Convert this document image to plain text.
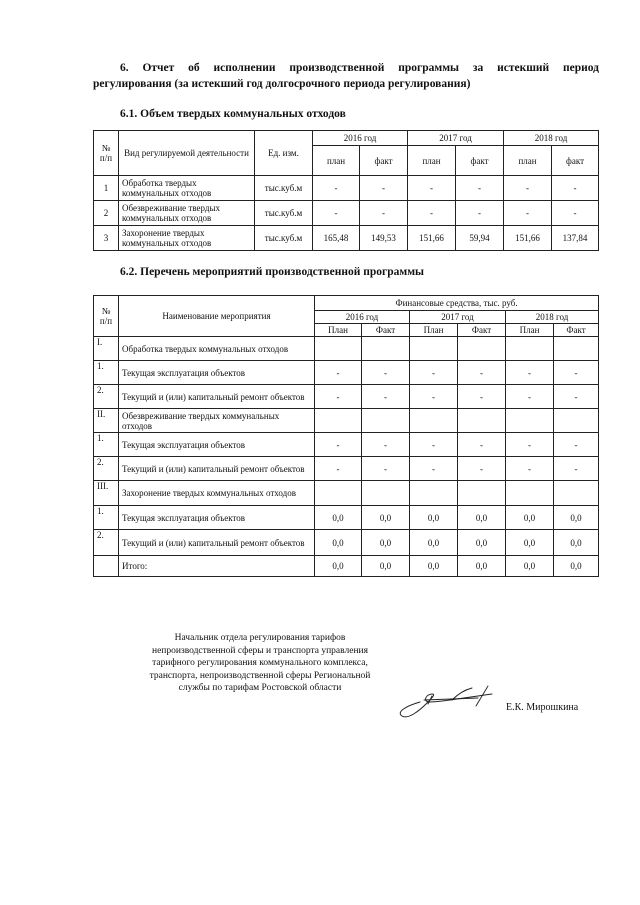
6. Отчет об исполнении производственной программы за истекший период
регулирования (за истекший год долгосрочного периода регулирования)
6.1. Объем твердых коммунальных отходов
№ п/п	Вид регулируемой деятельности	Ед. изм.	2016 год		2017 год		2018 год	
			план	факт	план	факт	план	факт
1	Обработка твердых коммунальных отходов	тыс.куб.м	-	-	-	-	-	-
2	Обезвреживание твердых коммунальных отходов	тыс.куб.м	-	-	-	-	-	-
3	Захоронение твердых коммунальных отходов	тыс.куб.м	165,48	149,53	151,66	59,94	151,66	137,84
6.2. Перечень мероприятий производственной программы
№ п/п	Наименование мероприятия	Финансовые средства, тыс. руб.					
		2016 год		2017 год		2018 год	
		План	Факт	План	Факт	План	Факт
I.	Обработка твердых коммунальных отходов						
1.	Текущая эксплуатация объектов	-	-	-	-	-	-
2.	Текущий и (или) капитальный ремонт объектов	-	-	-	-	-	-
II.	Обезвреживание твердых коммунальных отходов						
1.	Текущая эксплуатация объектов	-	-	-	-	-	-
2.	Текущий и (или) капитальный ремонт объектов	-	-	-	-	-	-
III.	Захоронение твердых коммунальных отходов						
1.	Текущая эксплуатация объектов	0,0	0,0	0,0	0,0	0,0	0,0
2.	Текущий и (или) капитальный ремонт объектов	0,0	0,0	0,0	0,0	0,0	0,0
	Итого:	0,0	0,0	0,0	0,0	0,0	0,0
Начальник отдела регулирования тарифов
непроизводственной сферы и транспорта управления
тарифного регулирования коммунального комплекса,
транспорта, непроизводственной сферы Региональной
службы по тарифам Ростовской области
Е.К. Мирошкина
